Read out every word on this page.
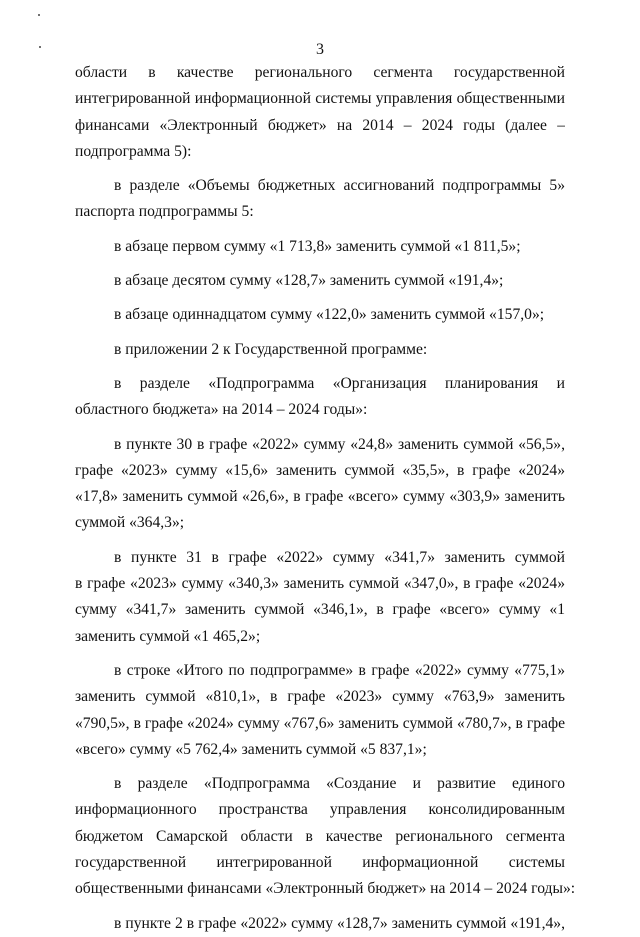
3
области в качестве регионального сегмента государственной
интегрированной информационной системы управления общественными
финансами «Электронный бюджет» на 2014 – 2024 годы (далее –
подпрограмма 5):
в разделе «Объемы бюджетных ассигнований подпрограммы 5»
паспорта подпрограммы 5:
в абзаце первом сумму «1 713,8» заменить суммой «1 811,5»;
в абзаце десятом сумму «128,7» заменить суммой «191,4»;
в абзаце одиннадцатом сумму «122,0» заменить суммой «157,0»;
в приложении 2 к Государственной программе:
в разделе «Подпрограмма «Организация планирования и
областного бюджета» на 2014 – 2024 годы»:
в пункте 30 в графе «2022» сумму «24,8» заменить суммой «56,5»,
графе «2023» сумму «15,6» заменить суммой «35,5», в графе «2024»
«17,8» заменить суммой «26,6», в графе «всего» сумму «303,9» заменить
суммой «364,3»;
в пункте 31 в графе «2022» сумму «341,7» заменить суммой
в графе «2023» сумму «340,3» заменить суммой «347,0», в графе «2024»
сумму «341,7» заменить суммой «346,1», в графе «всего» сумму «1
заменить суммой «1 465,2»;
в строке «Итого по подпрограмме» в графе «2022» сумму «775,1»
заменить суммой «810,1», в графе «2023» сумму «763,9» заменить
«790,5», в графе «2024» сумму «767,6» заменить суммой «780,7», в графе
«всего» сумму «5 762,4» заменить суммой «5 837,1»;
в разделе «Подпрограмма «Создание и развитие единого
информационного пространства управления консолидированным
бюджетом Самарской области в качестве регионального сегмента
государственной интегрированной информационной системы
общественными финансами «Электронный бюджет» на 2014 – 2024 годы»:
в пункте 2 в графе «2022» сумму «128,7» заменить суммой «191,4»,
